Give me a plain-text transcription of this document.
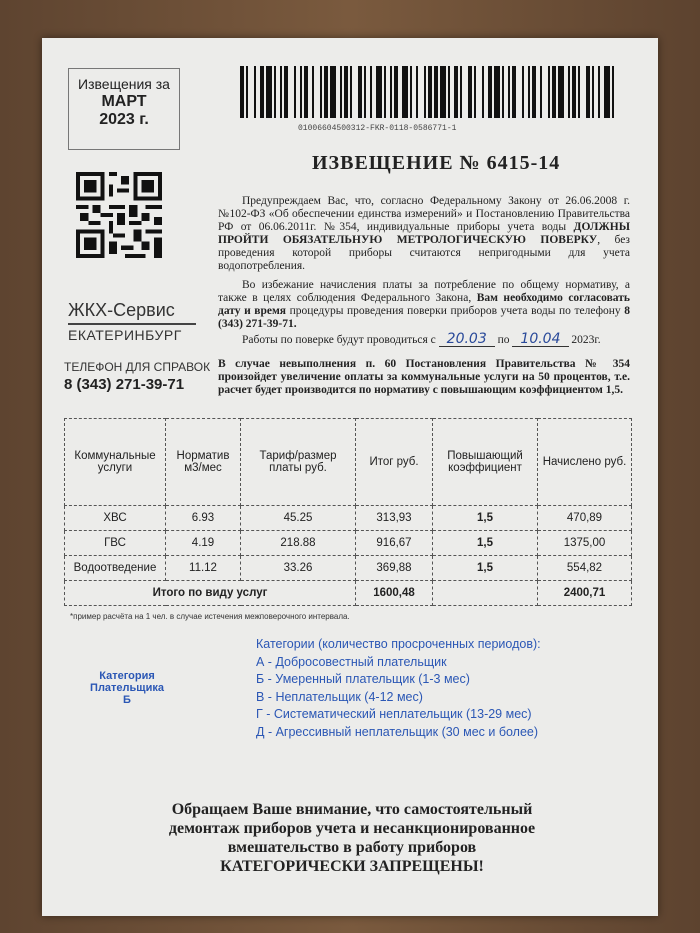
Извещения за
МАРТ
2023 г.
ЖКХ-Сервис
ЕКАТЕРИНБУРГ
ТЕЛЕФОН ДЛЯ СПРАВОК
8 (343) 271-39-71
01006604500312-FKR-0118-0586771-1
ИЗВЕЩЕНИЕ № 6415-14
Предупреждаем Вас, что, согласно Федеральному Закону от 26.06.2008 г. №102-ФЗ «Об обеспечении единства измерений» и Постановлению Правительства РФ от 06.06.2011г. №354, индивидуальные приборы учета воды ДОЛЖНЫ ПРОЙТИ ОБЯЗАТЕЛЬНУЮ МЕТРОЛОГИЧЕСКУЮ ПОВЕРКУ, без проведения которой приборы считаются непригодными для учета водопотребления.
Во избежание начисления платы за потребление по общему нормативу, а также в целях соблюдения Федерального Закона, Вам необходимо согласовать дату и время процедуры проведения поверки приборов учета воды по телефону 8 (343) 271-39-71.
Работы по поверке будут проводиться с 20.03 по 10.04 2023г.
В случае невыполнения п. 60 Постановления Правительства № 354 произойдет увеличение оплаты за коммунальные услуги на 50 процентов, т.е. расчет будет производится по нормативу с повышающим коэффициентом 1,5.
Коммунальные услуги	Норматив м3/мес	Тариф/размер платы руб.	Итог руб.	Повышающий коэффициент	Начислено руб.
ХВС	6.93	45.25	313,93	1,5	470,89
ГВС	4.19	218.88	916,67	1,5	1375,00
Водоотведение	11.12	33.26	369,88	1,5	554,82
Итого по виду услуг			1600,48		2400,71
*пример расчёта на 1 чел. в случае истечения межповерочного интервала.
Категория
Плательщика
Б
Категории (количество просроченных периодов):
А - Добросовестный плательщик
Б - Умеренный плательщик (1-3 мес)
В - Неплательщик (4-12 мес)
Г - Систематический неплательщик (13-29 мес)
Д - Агрессивный неплательщик (30 мес и более)
Обращаем Ваше внимание, что самостоятельный
демонтаж приборов учета и несанкционированное
вмешательство в работу приборов
КАТЕГОРИЧЕСКИ ЗАПРЕЩЕНЫ!
